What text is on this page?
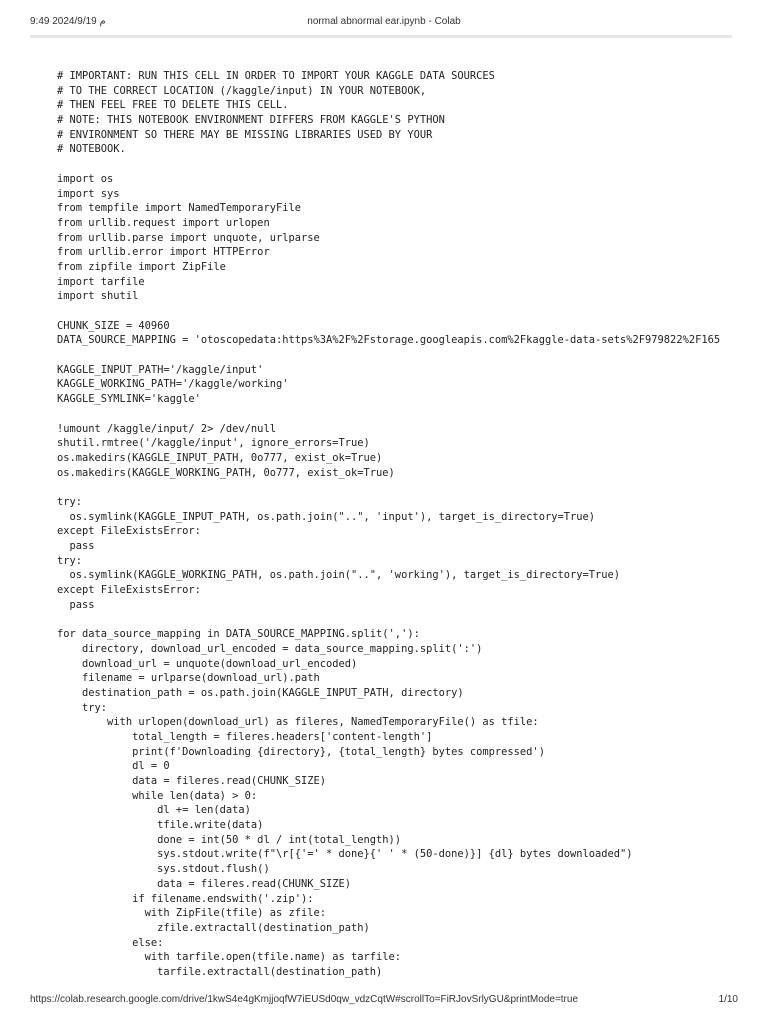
9:49 2024/9/19 م	normal abnormal ear.ipynb - Colab
# IMPORTANT: RUN THIS CELL IN ORDER TO IMPORT YOUR KAGGLE DATA SOURCES
# TO THE CORRECT LOCATION (/kaggle/input) IN YOUR NOTEBOOK,
# THEN FEEL FREE TO DELETE THIS CELL.
# NOTE: THIS NOTEBOOK ENVIRONMENT DIFFERS FROM KAGGLE'S PYTHON
# ENVIRONMENT SO THERE MAY BE MISSING LIBRARIES USED BY YOUR
# NOTEBOOK.
import os
import sys
from tempfile import NamedTemporaryFile
from urllib.request import urlopen
from urllib.parse import unquote, urlparse
from urllib.error import HTTPError
from zipfile import ZipFile
import tarfile
import shutil
CHUNK_SIZE = 40960
DATA_SOURCE_MAPPING = 'otoscopedata:https%3A%2F%2Fstorage.googleapis.com%2Fkaggle-data-sets%2F979822%2F165
KAGGLE_INPUT_PATH='/kaggle/input'
KAGGLE_WORKING_PATH='/kaggle/working'
KAGGLE_SYMLINK='kaggle'
!umount /kaggle/input/ 2> /dev/null
shutil.rmtree('/kaggle/input', ignore_errors=True)
os.makedirs(KAGGLE_INPUT_PATH, 0o777, exist_ok=True)
os.makedirs(KAGGLE_WORKING_PATH, 0o777, exist_ok=True)
try:
os.symlink(KAGGLE_INPUT_PATH, os.path.join("..", 'input'), target_is_directory=True)
except FileExistsError:
pass
try:
os.symlink(KAGGLE_WORKING_PATH, os.path.join("..", 'working'), target_is_directory=True)
except FileExistsError:
pass
for data_source_mapping in DATA_SOURCE_MAPPING.split(','):
directory, download_url_encoded = data_source_mapping.split(':')
download_url = unquote(download_url_encoded)
filename = urlparse(download_url).path
destination_path = os.path.join(KAGGLE_INPUT_PATH, directory)
try:
with urlopen(download_url) as fileres, NamedTemporaryFile() as tfile:
total_length = fileres.headers['content-length']
print(f'Downloading {directory}, {total_length} bytes compressed')
dl = 0
data = fileres.read(CHUNK_SIZE)
while len(data) > 0:
dl += len(data)
tfile.write(data)
done = int(50 * dl / int(total_length))
sys.stdout.write(f"\r[{'=' * done}{' ' * (50-done)}] {dl} bytes downloaded")
sys.stdout.flush()
data = fileres.read(CHUNK_SIZE)
if filename.endswith('.zip'):
with ZipFile(tfile) as zfile:
zfile.extractall(destination_path)
else:
with tarfile.open(tfile.name) as tarfile:
tarfile.extractall(destination_path)
https://colab.research.google.com/drive/1kwS4e4gKmjjoqfW7iEUSd0qw_vdzCqtW#scrollTo=FiRJovSrlyGU&printMode=true	1/10
